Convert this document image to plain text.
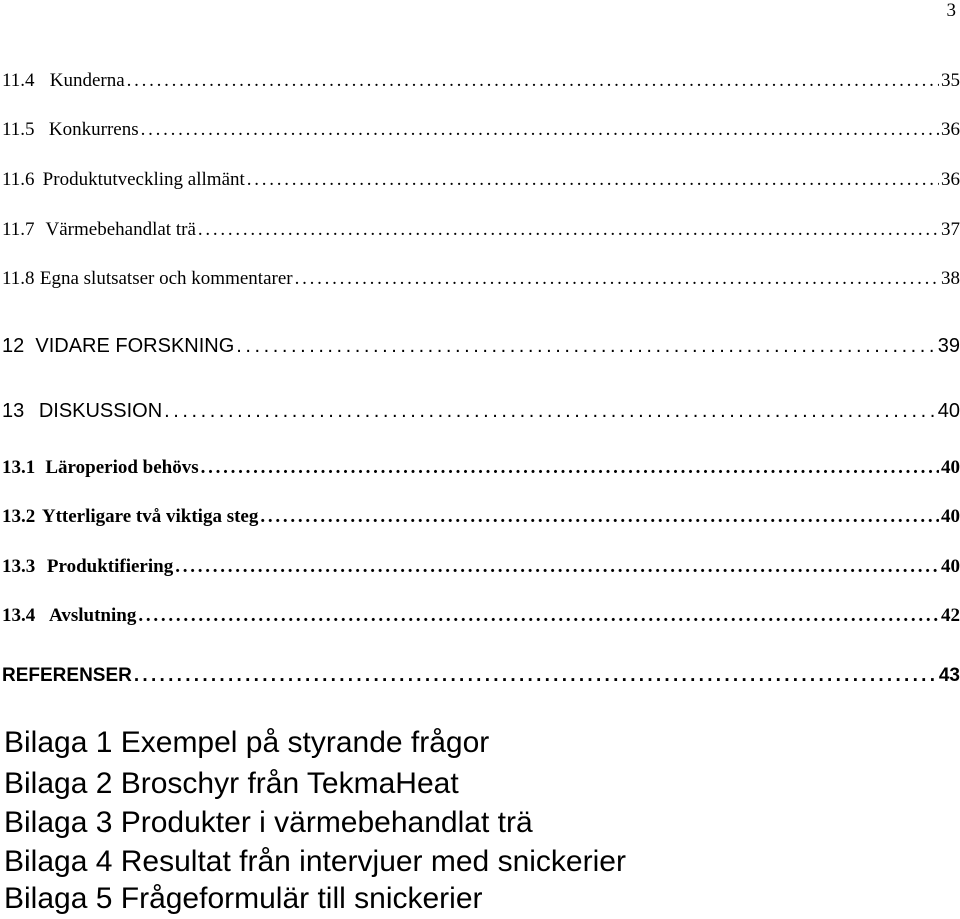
3
11.4 Kunderna . . .	35
11.5 Konkurrens . . .	36
11.6 Produktutveckling allmänt . . .	36
11.7 Värmebehandlat trä . . .	37
11.8 Egna slutsatser och kommentarer . . .	38
12 VIDARE FORSKNING . . .	39
13 DISKUSSION . . .	40
13.1 Läroperiod behövs . . .	40
13.2 Ytterligare två viktiga steg . . .	40
13.3 Produktifiering . . .	40
13.4 Avslutning . . .	42
REFERENSER . . .	43
Bilaga 1 Exempel på styrande frågor
Bilaga 2 Broschyr från TekmaHeat
Bilaga 3 Produkter i värmebehandlat trä
Bilaga 4 Resultat från intervjuer med snickerier
Bilaga 5 Frågeformulär till snickerier
